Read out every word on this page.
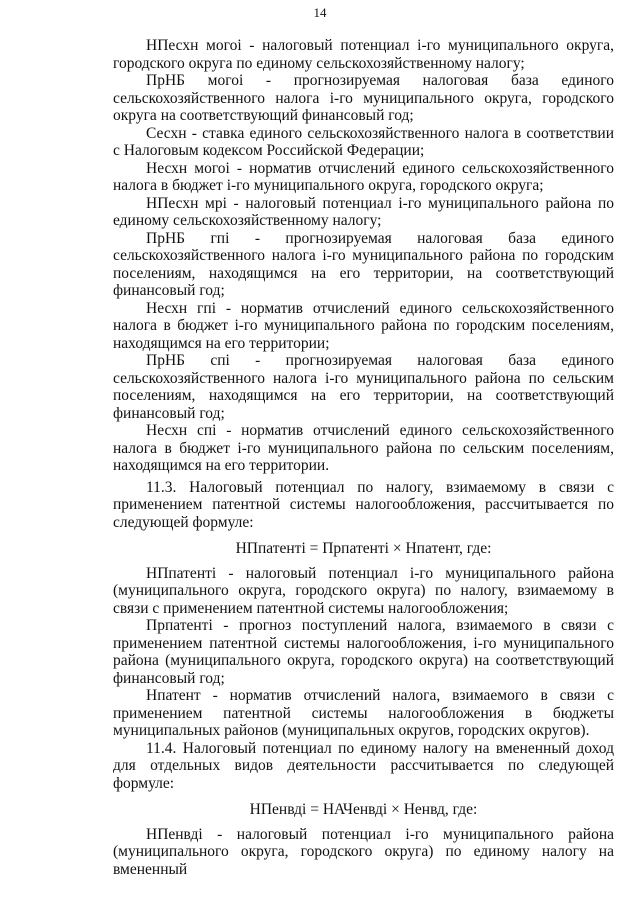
14

НПесхн могоі - налоговый потенциал і-го муниципального округа, городского округа по единому сельскохозяйственному налогу;

ПрНБ могоі - прогнозируемая налоговая база единого сельскохозяйственного налога і-го муниципального округа, городского округа на соответствующий финансовый год;

Сесхн - ставка единого сельскохозяйственного налога в соответствии с Налоговым кодексом Российской Федерации;

Несхн могоі - норматив отчислений единого сельскохозяйственного налога в бюджет і-го муниципального округа, городского округа;

НПесхн мрі - налоговый потенциал і-го муниципального района по единому сельскохозяйственному налогу;

ПрНБ гпі - прогнозируемая налоговая база единого сельскохозяйственного налога і-го муниципального района по городским поселениям, находящимся на его территории, на соответствующий финансовый год;

Несхн гпі - норматив отчислений единого сельскохозяйственного налога в бюджет і-го муниципального района по городским поселениям, находящимся на его территории;

ПрНБ спі - прогнозируемая налоговая база единого сельскохозяйственного налога і-го муниципального района по сельским поселениям, находящимся на его территории, на соответствующий финансовый год;

Несхн спі - норматив отчислений единого сельскохозяйственного налога в бюджет і-го муниципального района по сельским поселениям, находящимся на его территории.

11.3. Налоговый потенциал по налогу, взимаемому в связи с применением патентной системы налогообложения, рассчитывается по следующей формуле:

НПпатенті = Прпатенті × Нпатент, где:

НПпатенті - налоговый потенциал і-го муниципального района (муниципального округа, городского округа) по налогу, взимаемому в связи с применением патентной системы налогообложения;

Прпатенті - прогноз поступлений налога, взимаемого в связи с применением патентной системы налогообложения, і-го муниципального района (муниципального округа, городского округа) на соответствующий финансовый год;

Нпатент - норматив отчислений налога, взимаемого в связи с применением патентной системы налогообложения в бюджеты муниципальных районов (муниципальных округов, городских округов).

11.4. Налоговый потенциал по единому налогу на вмененный доход для отдельных видов деятельности рассчитывается по следующей формуле:

НПенвді = НАЧенвді × Ненвд, где:

НПенвді - налоговый потенциал і-го муниципального района (муниципального округа, городского округа) по единому налогу на вмененный
